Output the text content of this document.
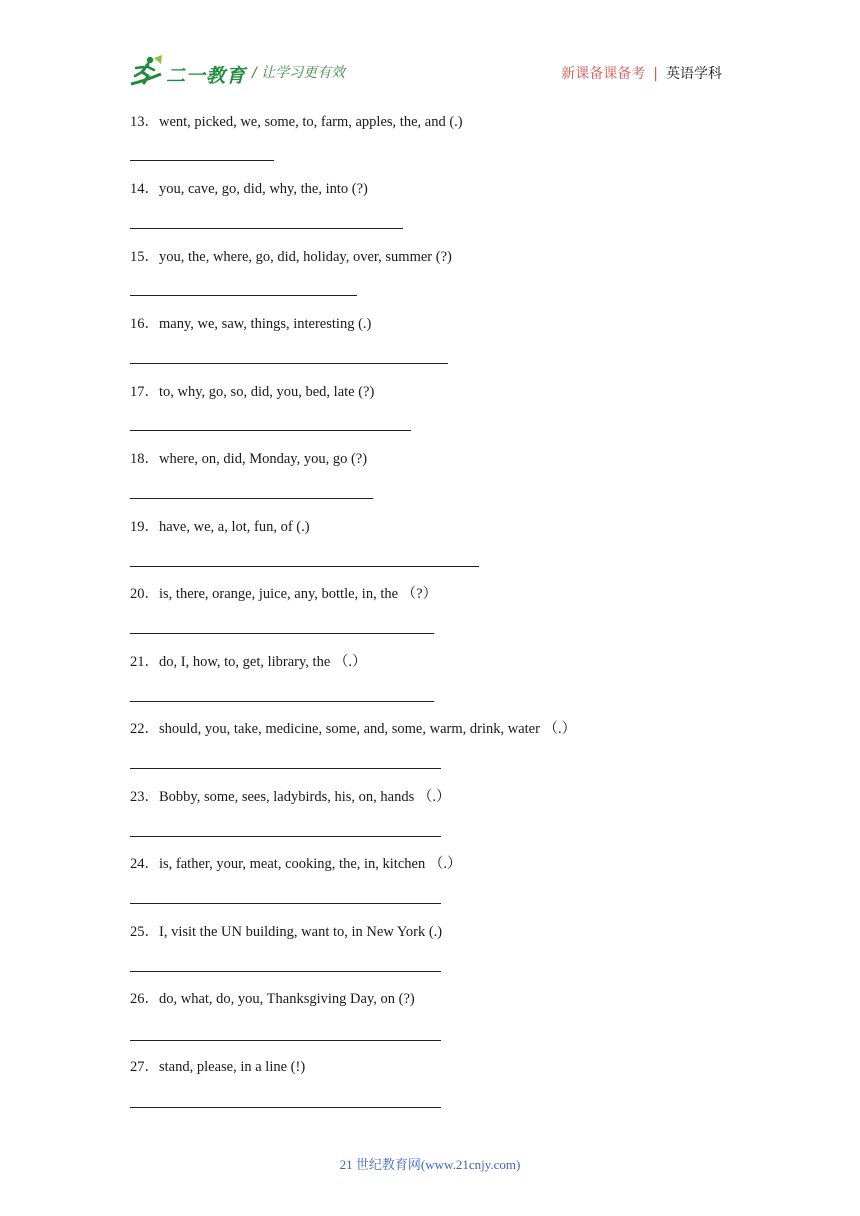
二一教育 / 让学习更有效	新课备课备考 | 英语学科
13．went, picked, we, some, to, farm, apples, the, and (.)
14．you, cave, go, did, why, the, into (?)
15．you, the, where, go, did, holiday, over, summer (?)
16．many, we, saw, things, interesting (.)
17．to, why, go, so, did, you, bed, late (?)
18．where, on, did, Monday, you, go (?)
19．have, we, a, lot, fun, of (.)
20．is, there, orange, juice, any, bottle, in, the （?）
21．do, I, how, to, get, library, the （.）
22．should, you, take, medicine, some, and, some, warm, drink, water （.）
23．Bobby, some, sees, ladybirds, his, on, hands （.）
24．is, father, your, meat, cooking, the, in, kitchen （.）
25．I, visit the UN building, want to, in New York (.)
26．do, what, do, you, Thanksgiving Day, on (?)
27．stand, please, in a line (!)
21 世纪教育网(www.21cnjy.com)
